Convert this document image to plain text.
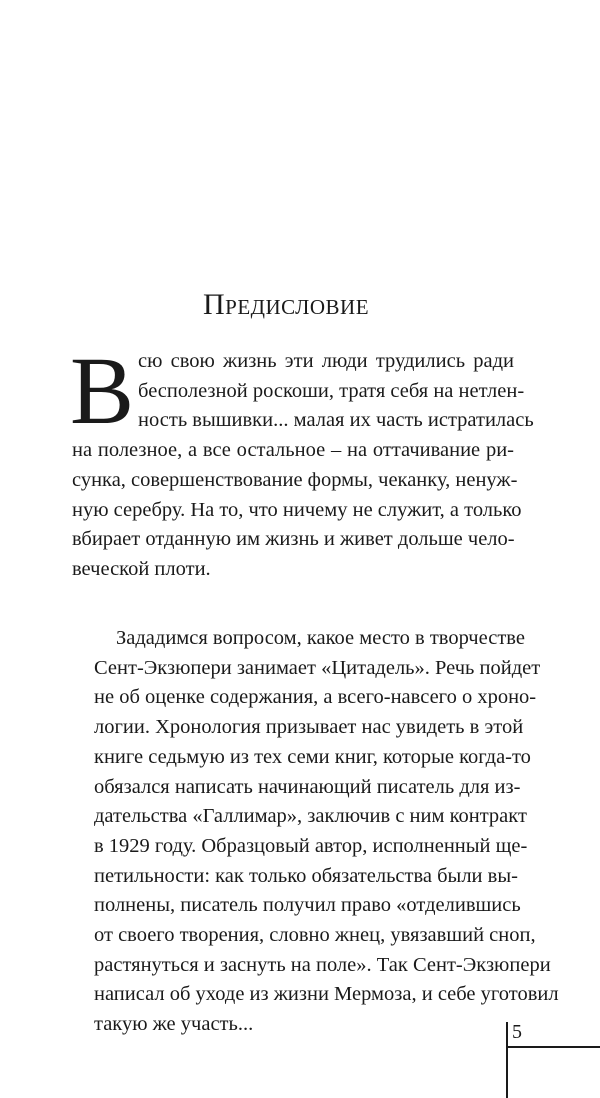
Предисловие
В сю свою жизнь эти люди трудились ради
бесполезной роскоши, тратя себя на нетлен-
ность вышивки... малая их часть истратилась
на полезное, а все остальное – на оттачивание ри-
сунка, совершенствование формы, чеканку, ненуж-
ную серебру. На то, что ничему не служит, а только
вбирает отданную им жизнь и живет дольше чело-
веческой плоти.
Зададимся вопросом, какое место в творчестве
Сент-Экзюпери занимает «Цитадель». Речь пойдет
не об оценке содержания, а всего-навсего о хроно-
логии. Хронология призывает нас увидеть в этой
книге седьмую из тех семи книг, которые когда-то
обязался написать начинающий писатель для из-
дательства «Галлимар», заключив с ним контракт
в 1929 году. Образцовый автор, исполненный ще-
петильности: как только обязательства были вы-
полнены, писатель получил право «отделившись
от своего творения, словно жнец, увязавший сноп,
растянуться и заснуть на поле». Так Сент-Экзюпери
написал об уходе из жизни Мермоза, и себе уготовил
такую же участь...	5
